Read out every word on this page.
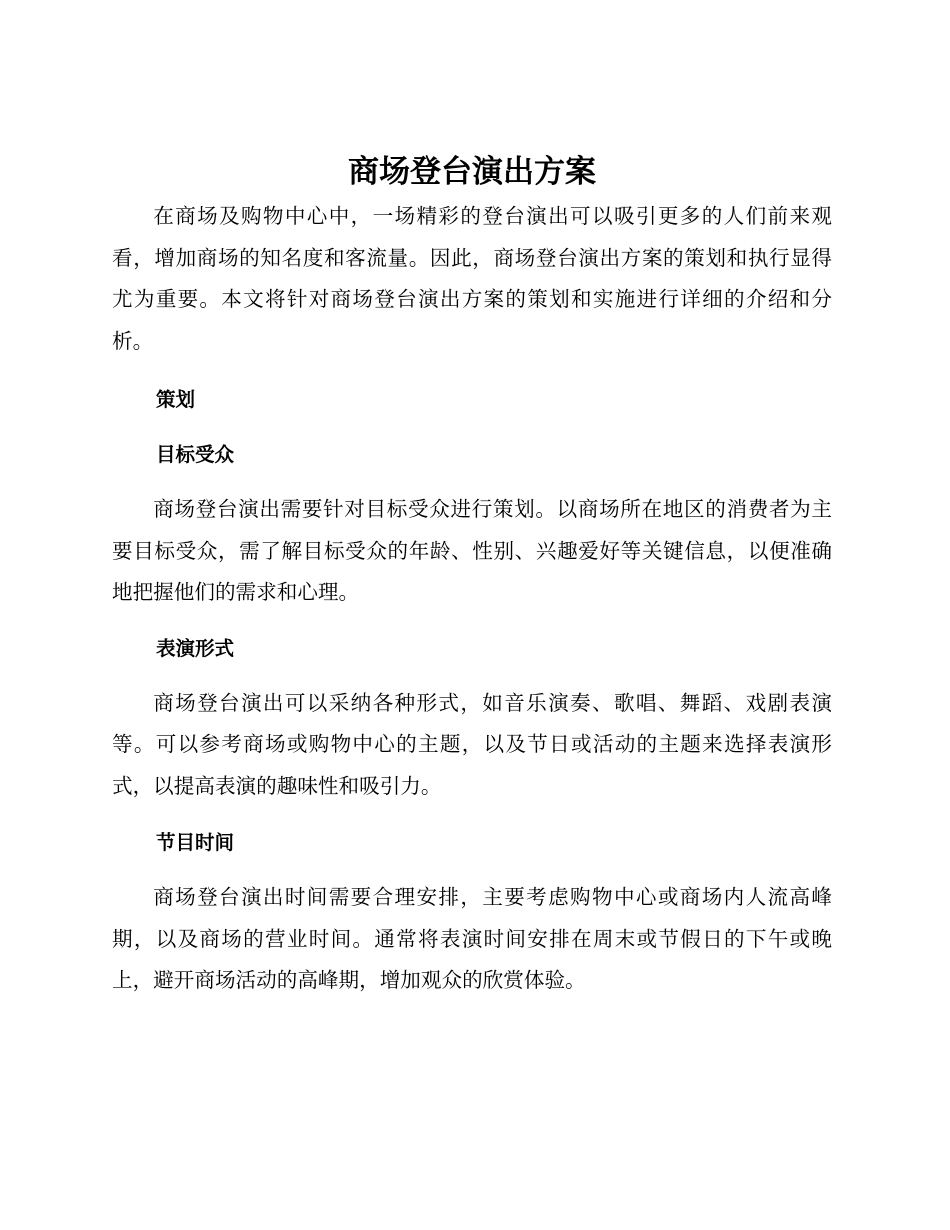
商场登台演出方案

在商场及购物中心中，一场精彩的登台演出可以吸引更多的人们前来观看，增加商场的知名度和客流量。因此，商场登台演出方案的策划和执行显得尤为重要。本文将针对商场登台演出方案的策划和实施进行详细的介绍和分析。

策划
目标受众

商场登台演出需要针对目标受众进行策划。以商场所在地区的消费者为主要目标受众，需了解目标受众的年龄、性别、兴趣爱好等关键信息，以便准确地把握他们的需求和心理。

表演形式

商场登台演出可以采纳各种形式，如音乐演奏、歌唱、舞蹈、戏剧表演等。可以参考商场或购物中心的主题，以及节日或活动的主题来选择表演形式，以提高表演的趣味性和吸引力。

节目时间

商场登台演出时间需要合理安排，主要考虑购物中心或商场内人流高峰期，以及商场的营业时间。通常将表演时间安排在周末或节假日的下午或晚上，避开商场活动的高峰期，增加观众的欣赏体验。
